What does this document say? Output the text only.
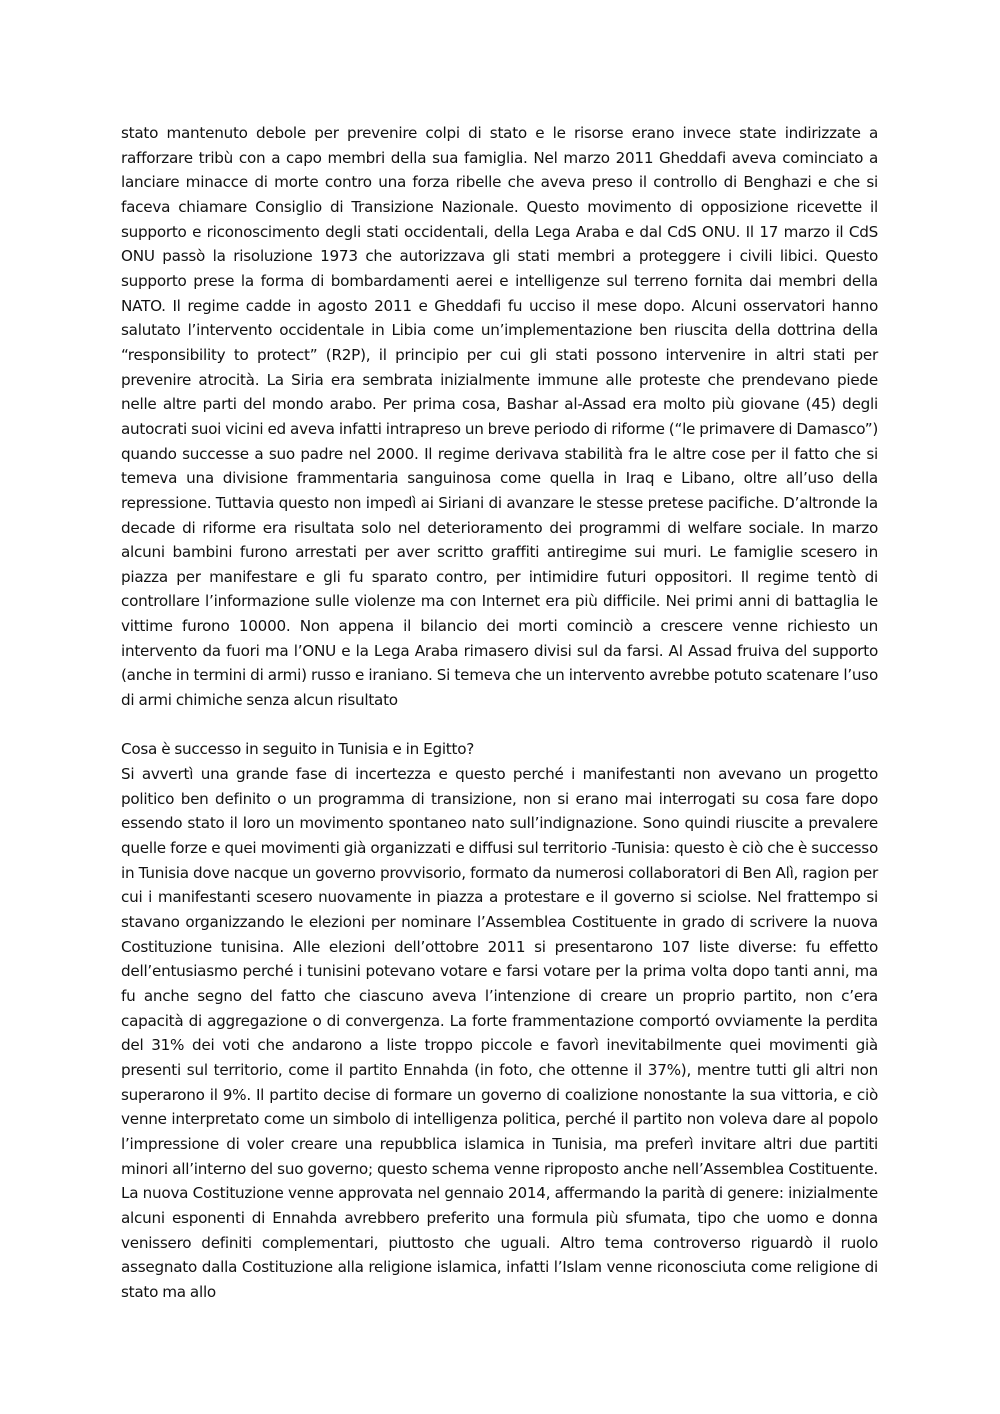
stato mantenuto debole per prevenire colpi di stato e le risorse erano invece state indirizzate a rafforzare tribù con a capo membri della sua famiglia. Nel marzo 2011 Gheddafi aveva cominciato a lanciare minacce di morte contro una forza ribelle che aveva preso il controllo di Benghazi e che si faceva chiamare Consiglio di Transizione Nazionale. Questo movimento di opposizione ricevette il supporto e riconoscimento degli stati occidentali, della Lega Araba e dal CdS ONU. Il 17 marzo il CdS ONU passò la risoluzione 1973 che autorizzava gli stati membri a proteggere i civili libici. Questo supporto prese la forma di bombardamenti aerei e intelligenze sul terreno fornita dai membri della NATO. Il regime cadde in agosto 2011 e Gheddafi fu ucciso il mese dopo. Alcuni osservatori hanno salutato l’intervento occidentale in Libia come un’implementazione ben riuscita della dottrina della “responsibility to protect” (R2P), il principio per cui gli stati possono intervenire in altri stati per prevenire atrocità. La Siria era sembrata inizialmente immune alle proteste che prendevano piede nelle altre parti del mondo arabo. Per prima cosa, Bashar al-Assad era molto più giovane (45) degli autocrati suoi vicini ed aveva infatti intrapreso un breve periodo di riforme (“le primavere di Damasco”) quando successe a suo padre nel 2000. Il regime derivava stabilità fra le altre cose per il fatto che si temeva una divisione frammentaria sanguinosa come quella in Iraq e Libano, oltre all’uso della repressione. Tuttavia questo non impedì ai Siriani di avanzare le stesse pretese pacifiche. D’altronde la decade di riforme era risultata solo nel deterioramento dei programmi di welfare sociale. In marzo alcuni bambini furono arrestati per aver scritto graffiti antiregime sui muri. Le famiglie scesero in piazza per manifestare e gli fu sparato contro, per intimidire futuri oppositori. Il regime tentò di controllare l’informazione sulle violenze ma con Internet era più difficile. Nei primi anni di battaglia le vittime furono 10000. Non appena il bilancio dei morti cominciò a crescere venne richiesto un intervento da fuori ma l’ONU e la Lega Araba rimasero divisi sul da farsi. Al Assad fruiva del supporto (anche in termini di armi) russo e iraniano. Si temeva che un intervento avrebbe potuto scatenare l’uso di armi chimiche senza alcun risultato

Cosa è successo in seguito in Tunisia e in Egitto?

Si avvertì una grande fase di incertezza e questo perché i manifestanti non avevano un progetto politico ben definito o un programma di transizione, non si erano mai interrogati su cosa fare dopo essendo stato il loro un movimento spontaneo nato sull’indignazione. Sono quindi riuscite a prevalere quelle forze e quei movimenti già organizzati e diffusi sul territorio -Tunisia: questo è ciò che è successo in Tunisia dove nacque un governo provvisorio, formato da numerosi collaboratori di Ben Alì, ragion per cui i manifestanti scesero nuovamente in piazza a protestare e il governo si sciolse. Nel frattempo si stavano organizzando le elezioni per nominare l’Assemblea Costituente in grado di scrivere la nuova Costituzione tunisina. Alle elezioni dell’ottobre 2011 si presentarono 107 liste diverse: fu effetto dell’entusiasmo perché i tunisini potevano votare e farsi votare per la prima volta dopo tanti anni, ma fu anche segno del fatto che ciascuno aveva l’intenzione di creare un proprio partito, non c’era capacità di aggregazione o di convergenza. La forte frammentazione comportó ovviamente la perdita del 31% dei voti che andarono a liste troppo piccole e favorì inevitabilmente quei movimenti già presenti sul territorio, come il partito Ennahda (in foto, che ottenne il 37%), mentre tutti gli altri non superarono il 9%. Il partito decise di formare un governo di coalizione nonostante la sua vittoria, e ciò venne interpretato come un simbolo di intelligenza politica, perché il partito non voleva dare al popolo l’impressione di voler creare una repubblica islamica in Tunisia, ma preferì invitare altri due partiti minori all’interno del suo governo; questo schema venne riproposto anche nell’Assemblea Costituente. La nuova Costituzione venne approvata nel gennaio 2014, affermando la parità di genere: inizialmente alcuni esponenti di Ennahda avrebbero preferito una formula più sfumata, tipo che uomo e donna venissero definiti complementari, piuttosto che uguali. Altro tema controverso riguardò il ruolo assegnato dalla Costituzione alla religione islamica, infatti l’Islam venne riconosciuta come religione di stato ma allo
